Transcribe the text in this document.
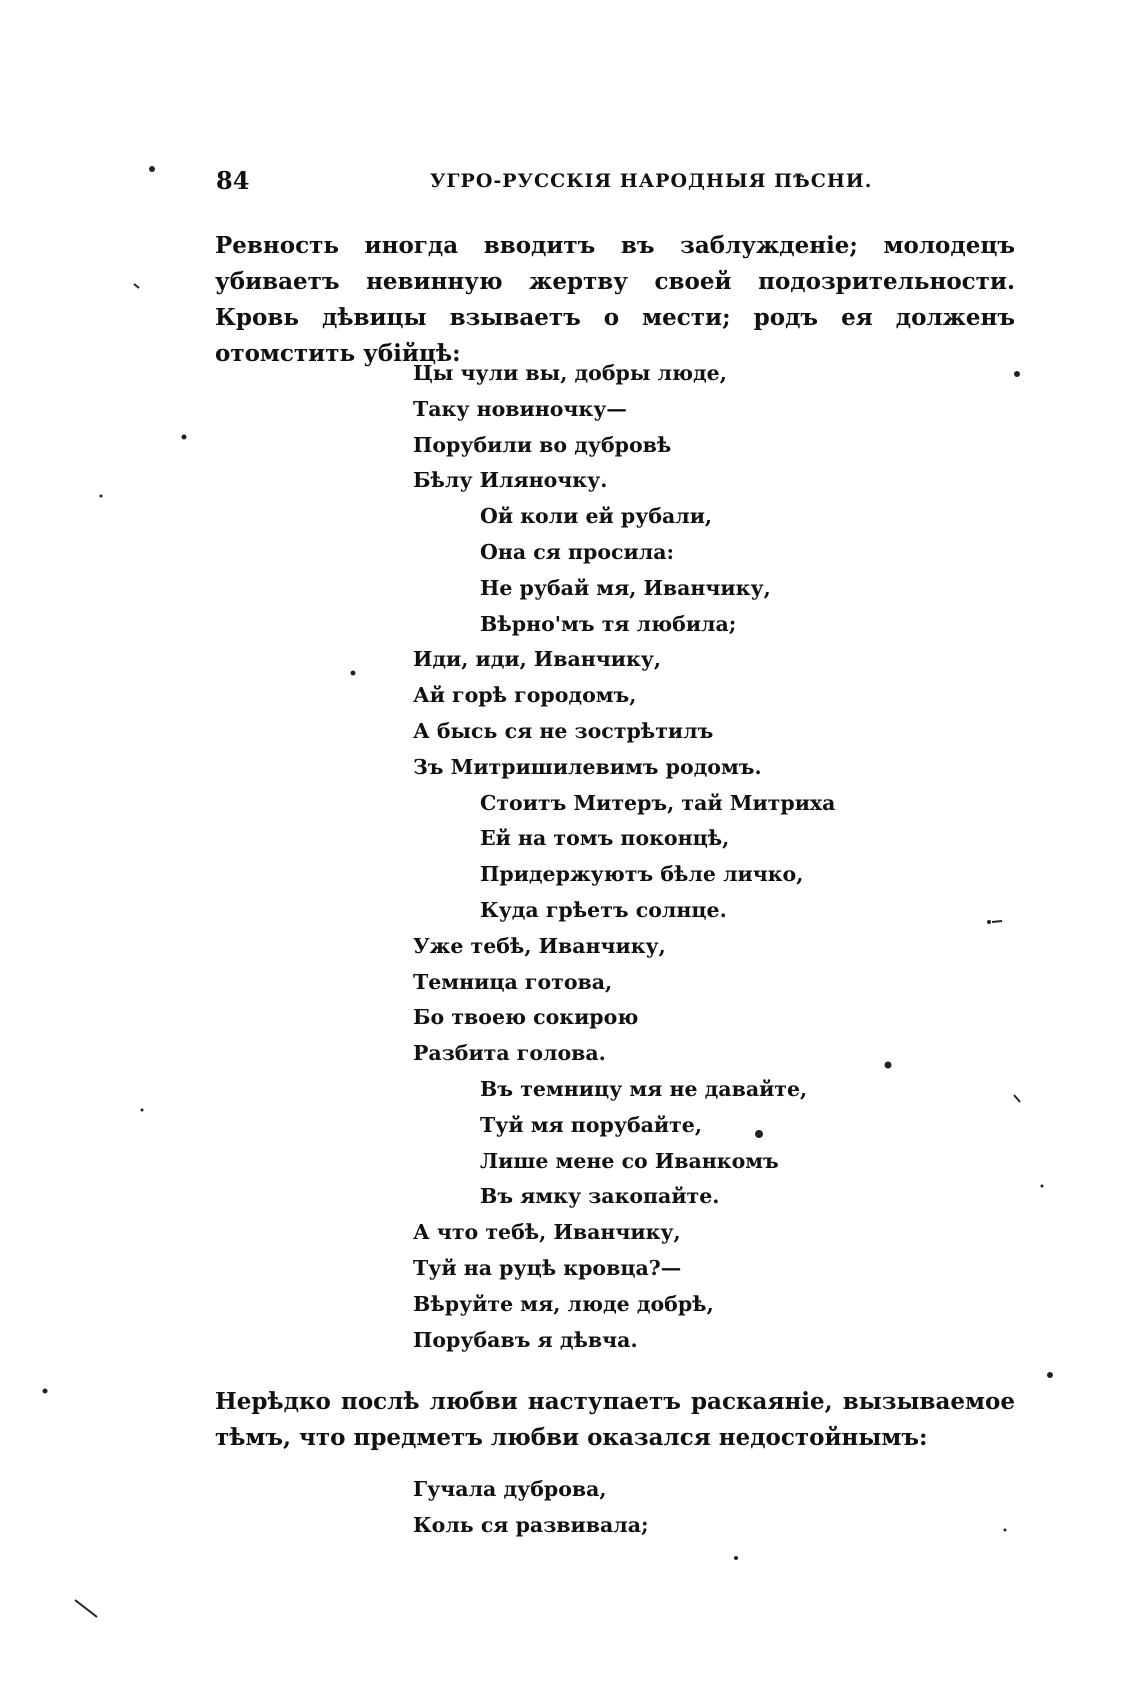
84	УГРО-РУССКІЯ НАРОДНЫЯ ПѢСНИ.

Ревность иногда вводитъ въ заблужденіе; молодецъ убиваетъ невинную жертву своей подозрительности. Кровь дѣвицы взываетъ о мести; родъ ея долженъ отомстить убійцѣ:

Цы чули вы, добры люде,
Таку новиночку—
Порубили во дубровѣ
Бѣлу Иляночку.
Ой коли ей рубали,
Она ся просила:
Не рубай мя, Иванчику,
Вѣрно'мъ тя любила;
Иди, иди, Иванчику,
Ай горѣ городомъ,
А бысь ся не зострѣтилъ
Зъ Митришилевимъ родомъ.
Стоитъ Митеръ, тай Митриха
Ей на томъ поконцѣ,
Придержуютъ бѣле личко,
Куда грѣетъ солнце.
Уже тебѣ, Иванчику,
Темница готова,
Бо твоею сокирою
Разбита голова.
Въ темницу мя не давайте,
Туй мя порубайте,
Лише мене со Иванкомъ
Въ ямку закопайте.
А что тебѣ, Иванчику,
Туй на руцѣ кровца?—
Вѣруйте мя, люде добрѣ,
Порубавъ я дѣвча.

Нерѣдко послѣ любви наступаетъ раскаяніе, вызываемое тѣмъ, что предметъ любви оказался недостойнымъ:

Гучала дуброва,
Коль ся развивала;
